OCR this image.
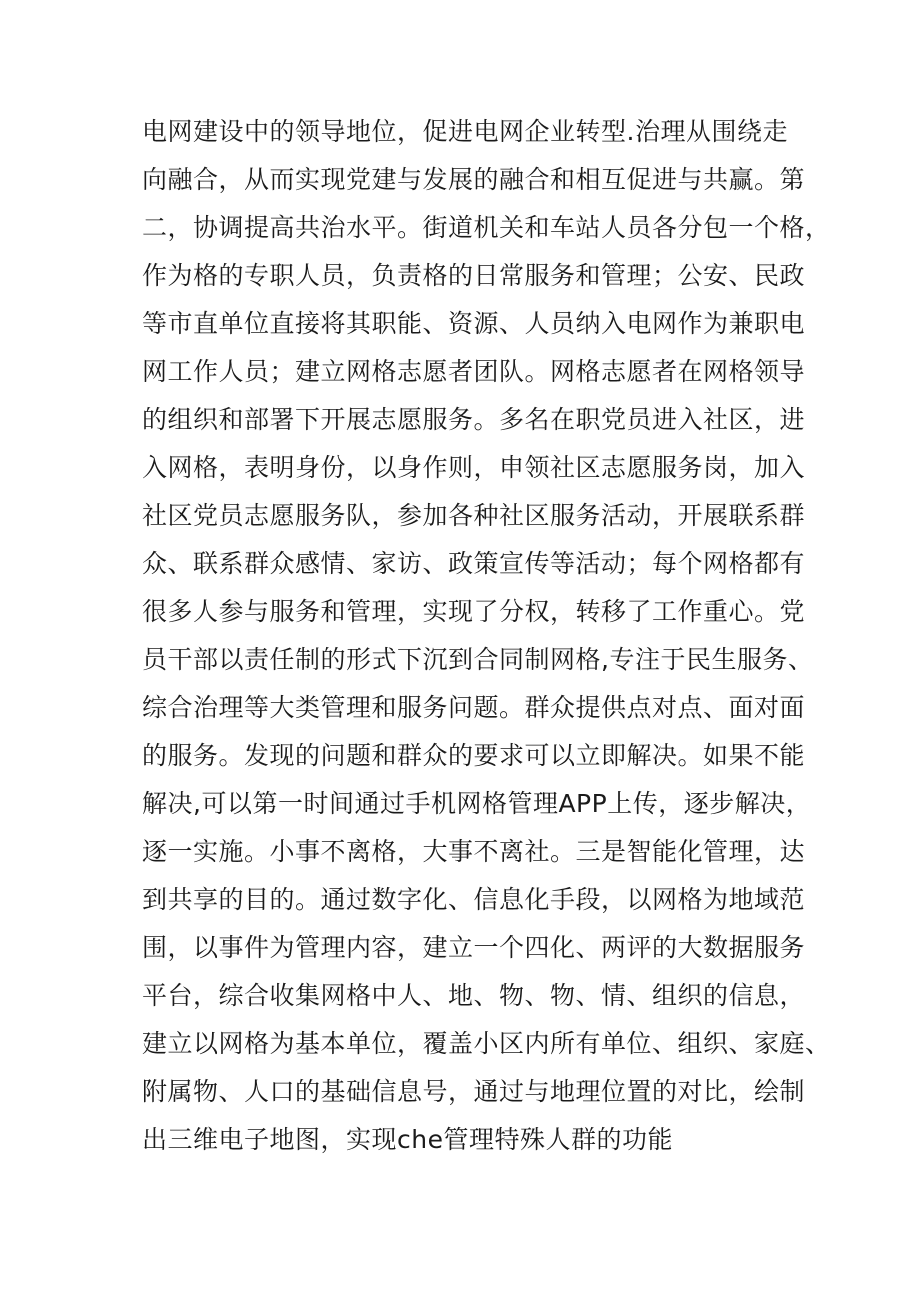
电网建设中的领导地位，促进电网企业转型.治理从围绕走
向融合，从而实现党建与发展的融合和相互促进与共赢。第
二，协调提高共治水平。街道机关和车站人员各分包一个格，
作为格的专职人员，负责格的日常服务和管理；公安、民政
等市直单位直接将其职能、资源、人员纳入电网作为兼职电
网工作人员；建立网格志愿者团队。网格志愿者在网格领导
的组织和部署下开展志愿服务。多名在职党员进入社区，进
入网格，表明身份，以身作则，申领社区志愿服务岗，加入
社区党员志愿服务队，参加各种社区服务活动，开展联系群
众、联系群众感情、家访、政策宣传等活动；每个网格都有
很多人参与服务和管理，实现了分权，转移了工作重心。党
员干部以责任制的形式下沉到合同制网格,专注于民生服务、
综合治理等大类管理和服务问题。群众提供点对点、面对面
的服务。发现的问题和群众的要求可以立即解决。如果不能
解决,可以第一时间通过手机网格管理APP上传，逐步解决，
逐一实施。小事不离格，大事不离社。三是智能化管理，达
到共享的目的。通过数字化、信息化手段，以网格为地域范
围，以事件为管理内容，建立一个四化、两评的大数据服务
平台，综合收集网格中人、地、物、物、情、组织的信息，
建立以网格为基本单位，覆盖小区内所有单位、组织、家庭、
附属物、人口的基础信息号，通过与地理位置的对比，绘制
出三维电子地图，实现che管理特殊人群的功能
